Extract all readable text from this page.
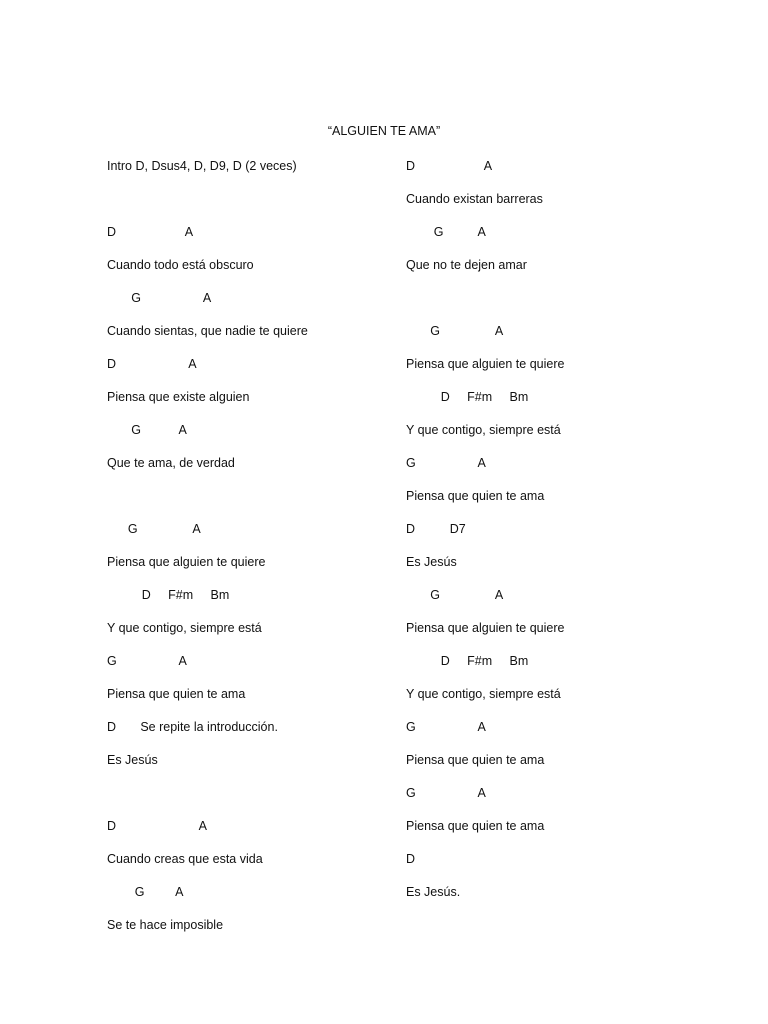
“ALGUIEN TE AMA”
Intro D, Dsus4, D, D9, D (2 veces)
D                    A
Cuando todo está obscuro
G                  A
Cuando sientas, que nadie te quiere
D                     A
Piensa que existe alguien
G           A
Que te ama, de verdad
G                A
Piensa que alguien te quiere
D     F#m     Bm
Y que contigo, siempre está
G                  A
Piensa que quien te ama
D       Se repite la introducción.
Es Jesús
D                        A
Cuando creas que esta vida
G         A
Se te hace imposible
D                    A
Cuando existan barreras
G          A
Que no te dejen amar
G                A
Piensa que alguien te quiere
D     F#m     Bm
Y que contigo, siempre está
G                  A
Piensa que quien te ama
D          D7
Es Jesús
G                A
Piensa que alguien te quiere
D     F#m     Bm
Y que contigo, siempre está
G                  A
Piensa que quien te ama
G                  A
Piensa que quien te ama
D
Es Jesús.
